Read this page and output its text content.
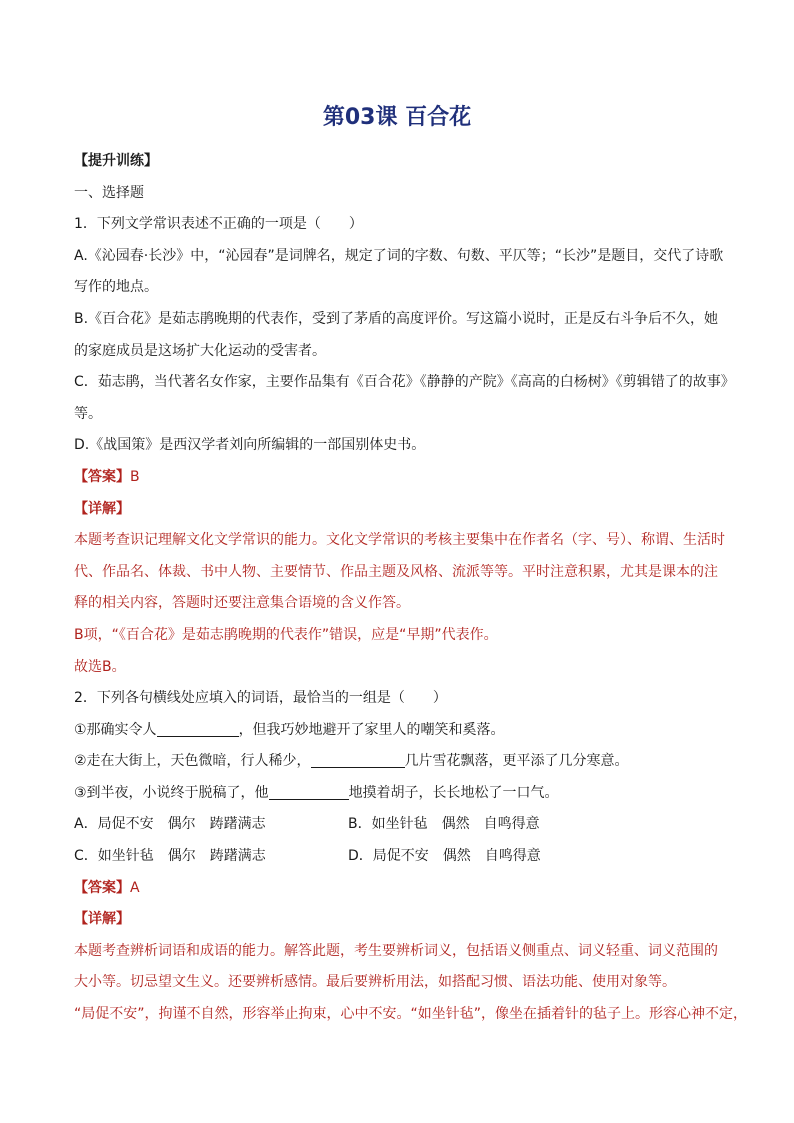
第03课 百合花

【提升训练】

一、选择题

1．下列文学常识表述不正确的一项是（　　）

A.《沁园春·长沙》中，“沁园春”是词牌名，规定了词的字数、句数、平仄等；“长沙”是题目，交代了诗歌

写作的地点。

B.《百合花》是茹志鹃晚期的代表作，受到了茅盾的高度评价。写这篇小说时，正是反右斗争后不久，她

的家庭成员是这场扩大化运动的受害者。

C．茹志鹃，当代著名女作家，主要作品集有《百合花》《静静的产院》《高高的白杨树》《剪辑错了的故事》

等。

D.《战国策》是西汉学者刘向所编辑的一部国别体史书。

【答案】B

【详解】

本题考查识记理解文化文学常识的能力。文化文学常识的考核主要集中在作者名（字、号）、称谓、生活时

代、作品名、体裁、书中人物、主要情节、作品主题及风格、流派等等。平时注意积累，尤其是课本的注

释的相关内容，答题时还要注意集合语境的含义作答。

B项，“《百合花》是茹志鹃晚期的代表作”错误，应是“早期”代表作。

故选B。

2．下列各句横线处应填入的词语，最恰当的一组是（　　）

①那确实令人	，但我巧妙地避开了家里人的嘲笑和奚落。

②走在大街上，天色微暗，行人稀少，	几片雪花飘落，更平添了几分寒意。

③到半夜，小说终于脱稿了，他	地摸着胡子，长长地松了一口气。

A．局促不安　偶尔　踌躇满志	B．如坐针毡　偶然　自鸣得意
C．如坐针毡　偶尔　踌躇满志	D．局促不安　偶然　自鸣得意

【答案】A

【详解】

本题考查辨析词语和成语的能力。解答此题，考生要辨析词义，包括语义侧重点、词义轻重、词义范围的

大小等。切忌望文生义。还要辨析感情。最后要辨析用法，如搭配习惯、语法功能、使用对象等。

“局促不安”，拘谨不自然，形容举止拘束，心中不安。“如坐针毡”，像坐在插着针的毡子上。形容心神不定，
